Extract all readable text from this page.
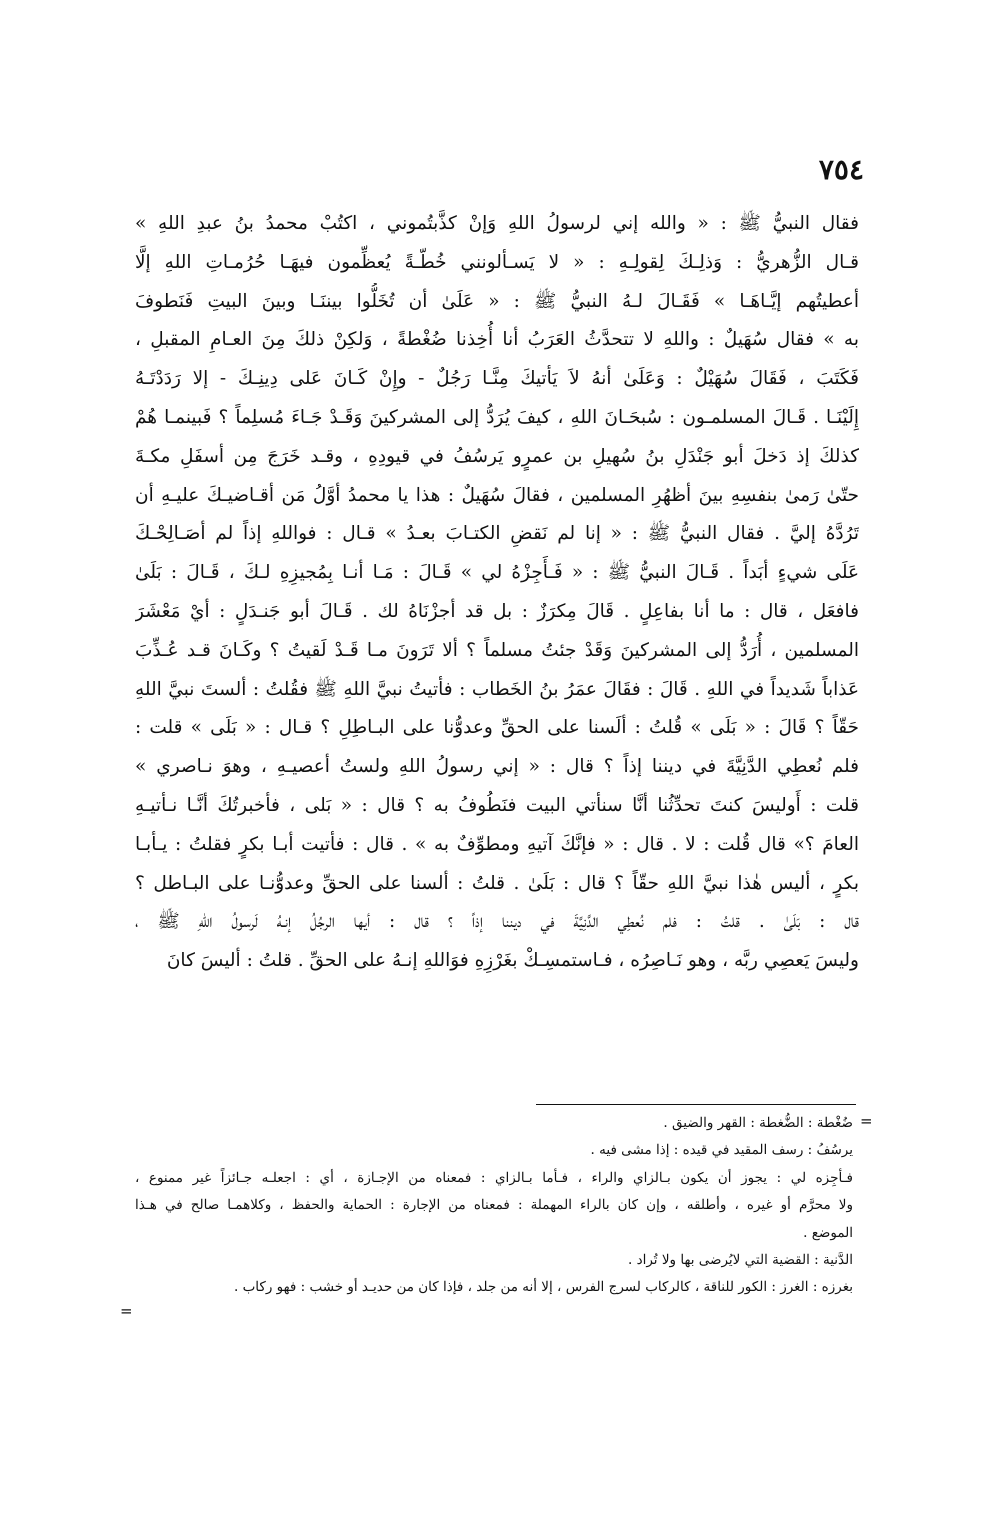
٧٥٤
فقال النبيُّ ﷺ : « والله إني لرسولُ اللهِ وَإنْ كذَّبتُموني ، اكتُبْ محمدُ بنُ عبدِ اللهِ »
قـال الزُّهريُّ : وَذلِـكَ لِقولِـهِ : « لا يَسـألونني خُطّـةً يُعظِّمون فيهَـا حُرُمـاتِ اللهِ إلَّا
أعطيتُهم إيَّـاهَـا » فَقَـالَ لـهُ النبيُّ ﷺ : « عَلَىٰ أن تُخَلُّوا بيننَـا وبينَ البيتِ فَنَطوفَ
به » فقال سُهَيلٌ : واللهِ لا تتحدَّثُ العَرَبُ أنا أُخِذنا ضُغْطةً ، وَلكِنْ ذلكَ مِنَ العـامِ المقبلِ ،
فَكَتَبَ ، فَقَالَ سُهَيْلٌ : وَعَلَىٰ أنهُ لاَ يَأتيكَ مِنَّـا رَجُلٌ - وإِنْ كَـانَ عَلى دِينِـكَ - إلا رَدَدْتَـهُ
إِلَيْنَـا . قَـالَ المسلمـون : سُبحَـانَ اللهِ ، كيفَ يُرَدُّ إلى المشركينَ وَقَـدْ جَـاءَ مُسلِماً ؟ فَبينمـا هُمْ
كذلكَ إذ دَخلَ أبو جَنْدَلِ بنُ سُهيلِ بن عمرٍو يَرسُفُ في قيودِهِ ، وقـد خَرَجَ مِن أسفَلِ مكـةَ
حتّىٰ رَمىٰ بنفسِهِ بينَ أظهُرِ المسلمين ، فقالَ سُهَيلٌ : هذا يا محمدُ أوَّلُ مَن أقـاضيـكَ عليـهِ أن
تَرُدَّهُ إليَّ . فقال النبيُّ ﷺ : « إنا لم نَقضِ الكتـابَ بعـدُ » قـال : فواللهِ إذاً لم أصَـالِحْـكَ
عَلَى شيءٍ أبَداً . قَـالَ النبيُّ ﷺ : « فَـأَجِزْهُ لي » قَـالَ : مَـا أنـا بِمُجيزِهِ لـكَ ، قَـالَ : بَلَىٰ
فافعَل ، قال : ما أنا بفاعِلٍ . قَالَ مِكرَزٌ : بل قد أجزْنَاهُ لك . قَـالَ أبو جَنـدَلٍ : أيْ مَعْشَرَ
المسلمين ، أُرَدُّ إلى المشركينَ وَقَدْ جئتُ مسلماً ؟ ألا تَرَونَ مـا قَـدْ لَقيتُ ؟ وكَـانَ قـد عُـذِّبَ
عَذاباً شَديداً في اللهِ . قَالَ : فقَالَ عمَرُ بنُ الخَطاب : فأتيتُ نبيَّ اللهِ ﷺ فقُلتُ : ألستَ نبيَّ اللهِ
حَقّاً ؟ قَالَ : « بَلَى » قُلتُ : ألَسنا على الحقِّ وعدوُّنا على البـاطِلِ ؟ قـال : « بَلَى » قلت :
فلم نُعطِي الدَّنِيَّةَ في ديننا إذاً ؟ قال : « إني رسولُ اللهِ ولستُ أعصيـهِ ، وهوَ نـاصري »
قلت : أَوليسَ كنتَ تحدِّثُنا أنَّا سنأتي البيت فنَطُوفُ به ؟ قال : « بَلى ، فأخبرتُكَ أنَّـا نـأتيـهِ
العامَ ؟» قال قُلت : لا . قال : « فإنَّكَ آتيهِ ومطوِّفٌ به » . قال : فأتيت أبـا بكرٍ فقلتُ : يـأبـا
بكرٍ ، أليس هٰذا نبيَّ اللهِ حقّاً ؟ قال : بَلَىٰ . قلتُ : ألسنا على الحقِّ وعدوُّنـا على البـاطل ؟
قال : بَلَىٰ . قلتُ : فلم نُعطِي الدَّنِيَّةَ في ديننا إذاً ؟ قال : أيها الرجُلُ إنـهُ لَرسولُ اللهِ ﷺ ،
وليسَ يَعصِي ربَّه ، وهو نَـاصِرُه ، فـاستمسِـكْ بغَرْزِهِ فوَاللهِ إنـهُ على الحقِّ . قلتُ : أليسَ كانَ
=
ضُغْطة : الضُّغطة : القهر والضيق .
يرسُفُ : رسف المقيد في قيده : إذا مشى فيه .
فـأجِزه لي : يجوز أن يكون بـالزاي والراء ، فـأما بـالزاي : فمعناه من الإجـازة ، أي : اجعلـه جـائزاً غير ممنوع ،
ولا محرَّم أو غيره ، وأطلقه ، وإن كان بالراء المهملة : فمعناه من الإجارة : الحماية والحفظ ، وكلاهمـا صالح في هـذا
الموضع .
الدَّنية : القضية التي لايُرضى بها ولا تُراد .
بغرزه : الغرز : الكور للناقة ، كالركاب لسرج الفرس ، إلا أنه من جلد ، فإذا كان من حديـد أو خشب : فهو ركاب .
=
